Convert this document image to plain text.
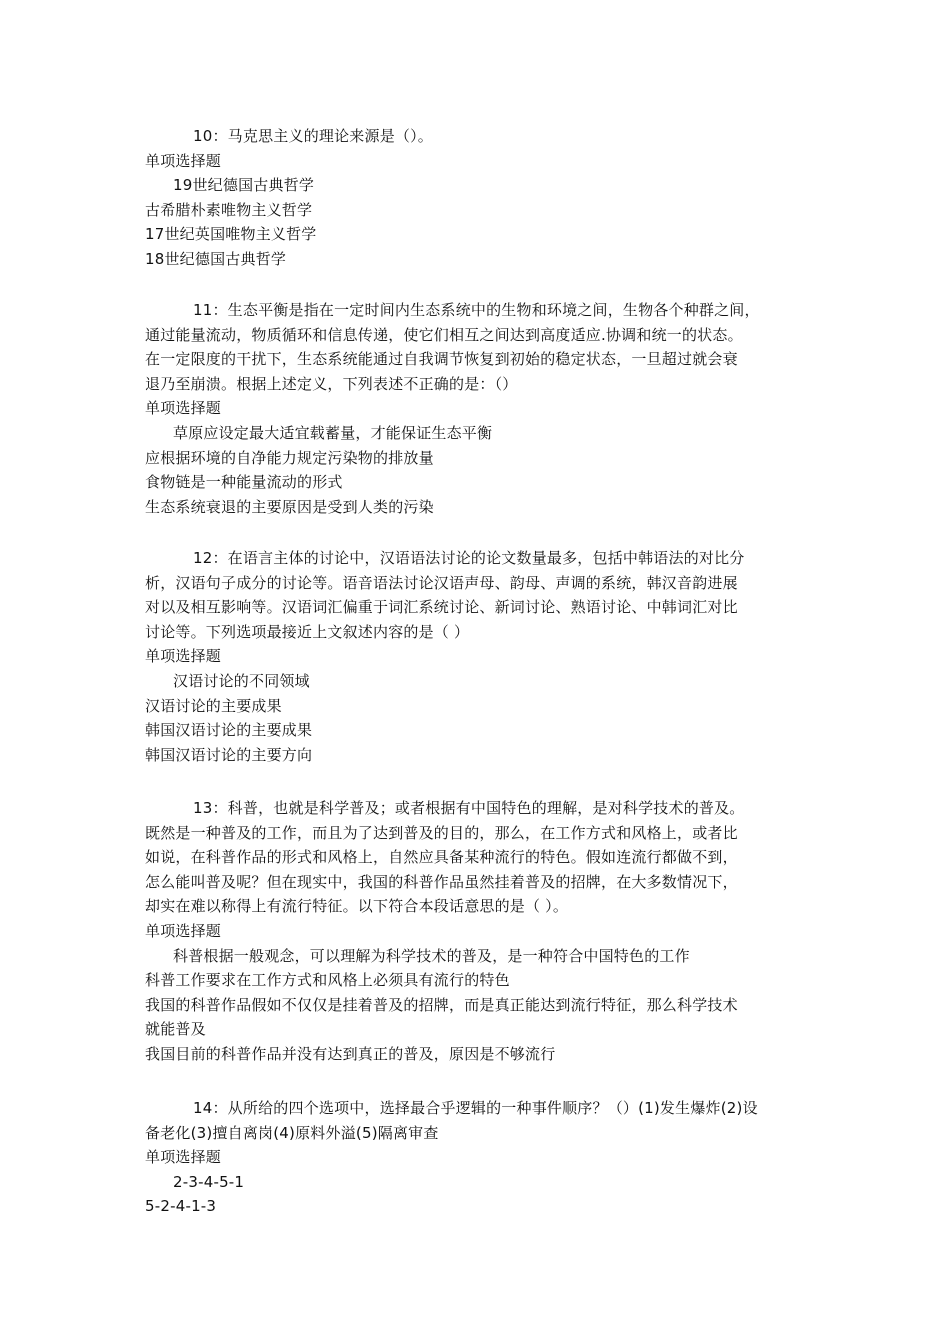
10：马克思主义的理论来源是（）。
单项选择题
19世纪德国古典哲学
古希腊朴素唯物主义哲学
17世纪英国唯物主义哲学
18世纪德国古典哲学
11：生态平衡是指在一定时间内生态系统中的生物和环境之间，生物各个种群之间，
通过能量流动，物质循环和信息传递，使它们相互之间达到高度适应.协调和统一的状态。
在一定限度的干扰下，生态系统能通过自我调节恢复到初始的稳定状态，一旦超过就会衰
退乃至崩溃。根据上述定义，下列表述不正确的是：（）
单项选择题
草原应设定最大适宜载蓄量，才能保证生态平衡
应根据环境的自净能力规定污染物的排放量
食物链是一种能量流动的形式
生态系统衰退的主要原因是受到人类的污染
12：在语言主体的讨论中，汉语语法讨论的论文数量最多，包括中韩语法的对比分
析，汉语句子成分的讨论等。语音语法讨论汉语声母、韵母、声调的系统，韩汉音韵进展
对以及相互影响等。汉语词汇偏重于词汇系统讨论、新词讨论、熟语讨论、中韩词汇对比
讨论等。下列选项最接近上文叙述内容的是（ ）
单项选择题
汉语讨论的不同领域
汉语讨论的主要成果
韩国汉语讨论的主要成果
韩国汉语讨论的主要方向
13：科普，也就是科学普及；或者根据有中国特色的理解，是对科学技术的普及。
既然是一种普及的工作，而且为了达到普及的目的，那么，在工作方式和风格上，或者比
如说，在科普作品的形式和风格上，自然应具备某种流行的特色。假如连流行都做不到，
怎么能叫普及呢？但在现实中，我国的科普作品虽然挂着普及的招牌，在大多数情况下，
却实在难以称得上有流行特征。以下符合本段话意思的是（ ）。
单项选择题
科普根据一般观念，可以理解为科学技术的普及，是一种符合中国特色的工作
科普工作要求在工作方式和风格上必须具有流行的特色
我国的科普作品假如不仅仅是挂着普及的招牌，而是真正能达到流行特征，那么科学技术
就能普及
我国目前的科普作品并没有达到真正的普及，原因是不够流行
14：从所给的四个选项中，选择最合乎逻辑的一种事件顺序？（）(1)发生爆炸(2)设
备老化(3)擅自离岗(4)原料外溢(5)隔离审查
单项选择题
2-3-4-5-1
5-2-4-1-3
